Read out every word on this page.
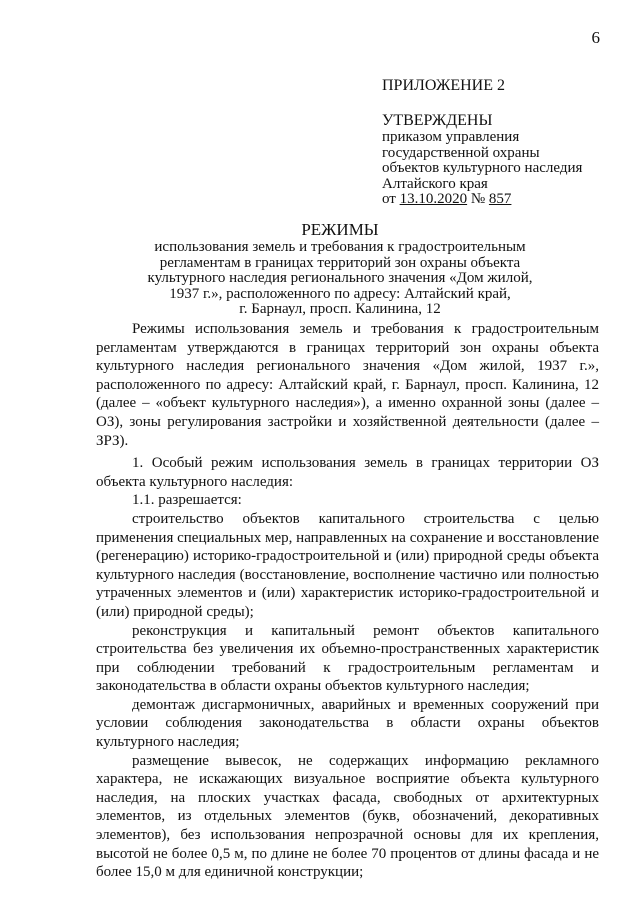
6
ПРИЛОЖЕНИЕ 2
УТВЕРЖДЕНЫ
приказом управления
государственной охраны
объектов культурного наследия
Алтайского края
от 13.10.2020 № 857
РЕЖИМЫ
использования земель и требования к градостроительным
регламентам в границах территорий зон охраны объекта
культурного наследия регионального значения «Дом жилой,
1937 г.», расположенного по адресу: Алтайский край,
г. Барнаул, просп. Калинина, 12

Режимы использования земель и требования к градостроительным регламентам утверждаются в границах территорий зон охраны объекта культурного наследия регионального значения «Дом жилой, 1937 г.», расположенного по адресу: Алтайский край, г. Барнаул, просп. Калинина, 12 (далее – «объект культурного наследия»), а именно охранной зоны (далее – ОЗ), зоны регулирования застройки и хозяйственной деятельности (далее – ЗРЗ).

1. Особый режим использования земель в границах территории ОЗ объекта культурного наследия:

1.1. разрешается:

строительство объектов капитального строительства с целью применения специальных мер, направленных на сохранение и восстановление (регенерацию) историко-градостроительной и (или) природной среды объекта культурного наследия (восстановление, восполнение частично или полностью утраченных элементов и (или) характеристик историко-градостроительной и (или) природной среды);

реконструкция и капитальный ремонт объектов капитального строительства без увеличения их объемно-пространственных характеристик при соблюдении требований к градостроительным регламентам и законодательства в области охраны объектов культурного наследия;

демонтаж дисгармоничных, аварийных и временных сооружений при условии соблюдения законодательства в области охраны объектов культурного наследия;

размещение вывесок, не содержащих информацию рекламного характера, не искажающих визуальное восприятие объекта культурного наследия, на плоских участках фасада, свободных от архитектурных элементов, из отдельных элементов (букв, обозначений, декоративных элементов), без использования непрозрачной основы для их крепления, высотой не более 0,5 м, по длине не более 70 процентов от длины фасада и не более 15,0 м для единичной конструкции;
